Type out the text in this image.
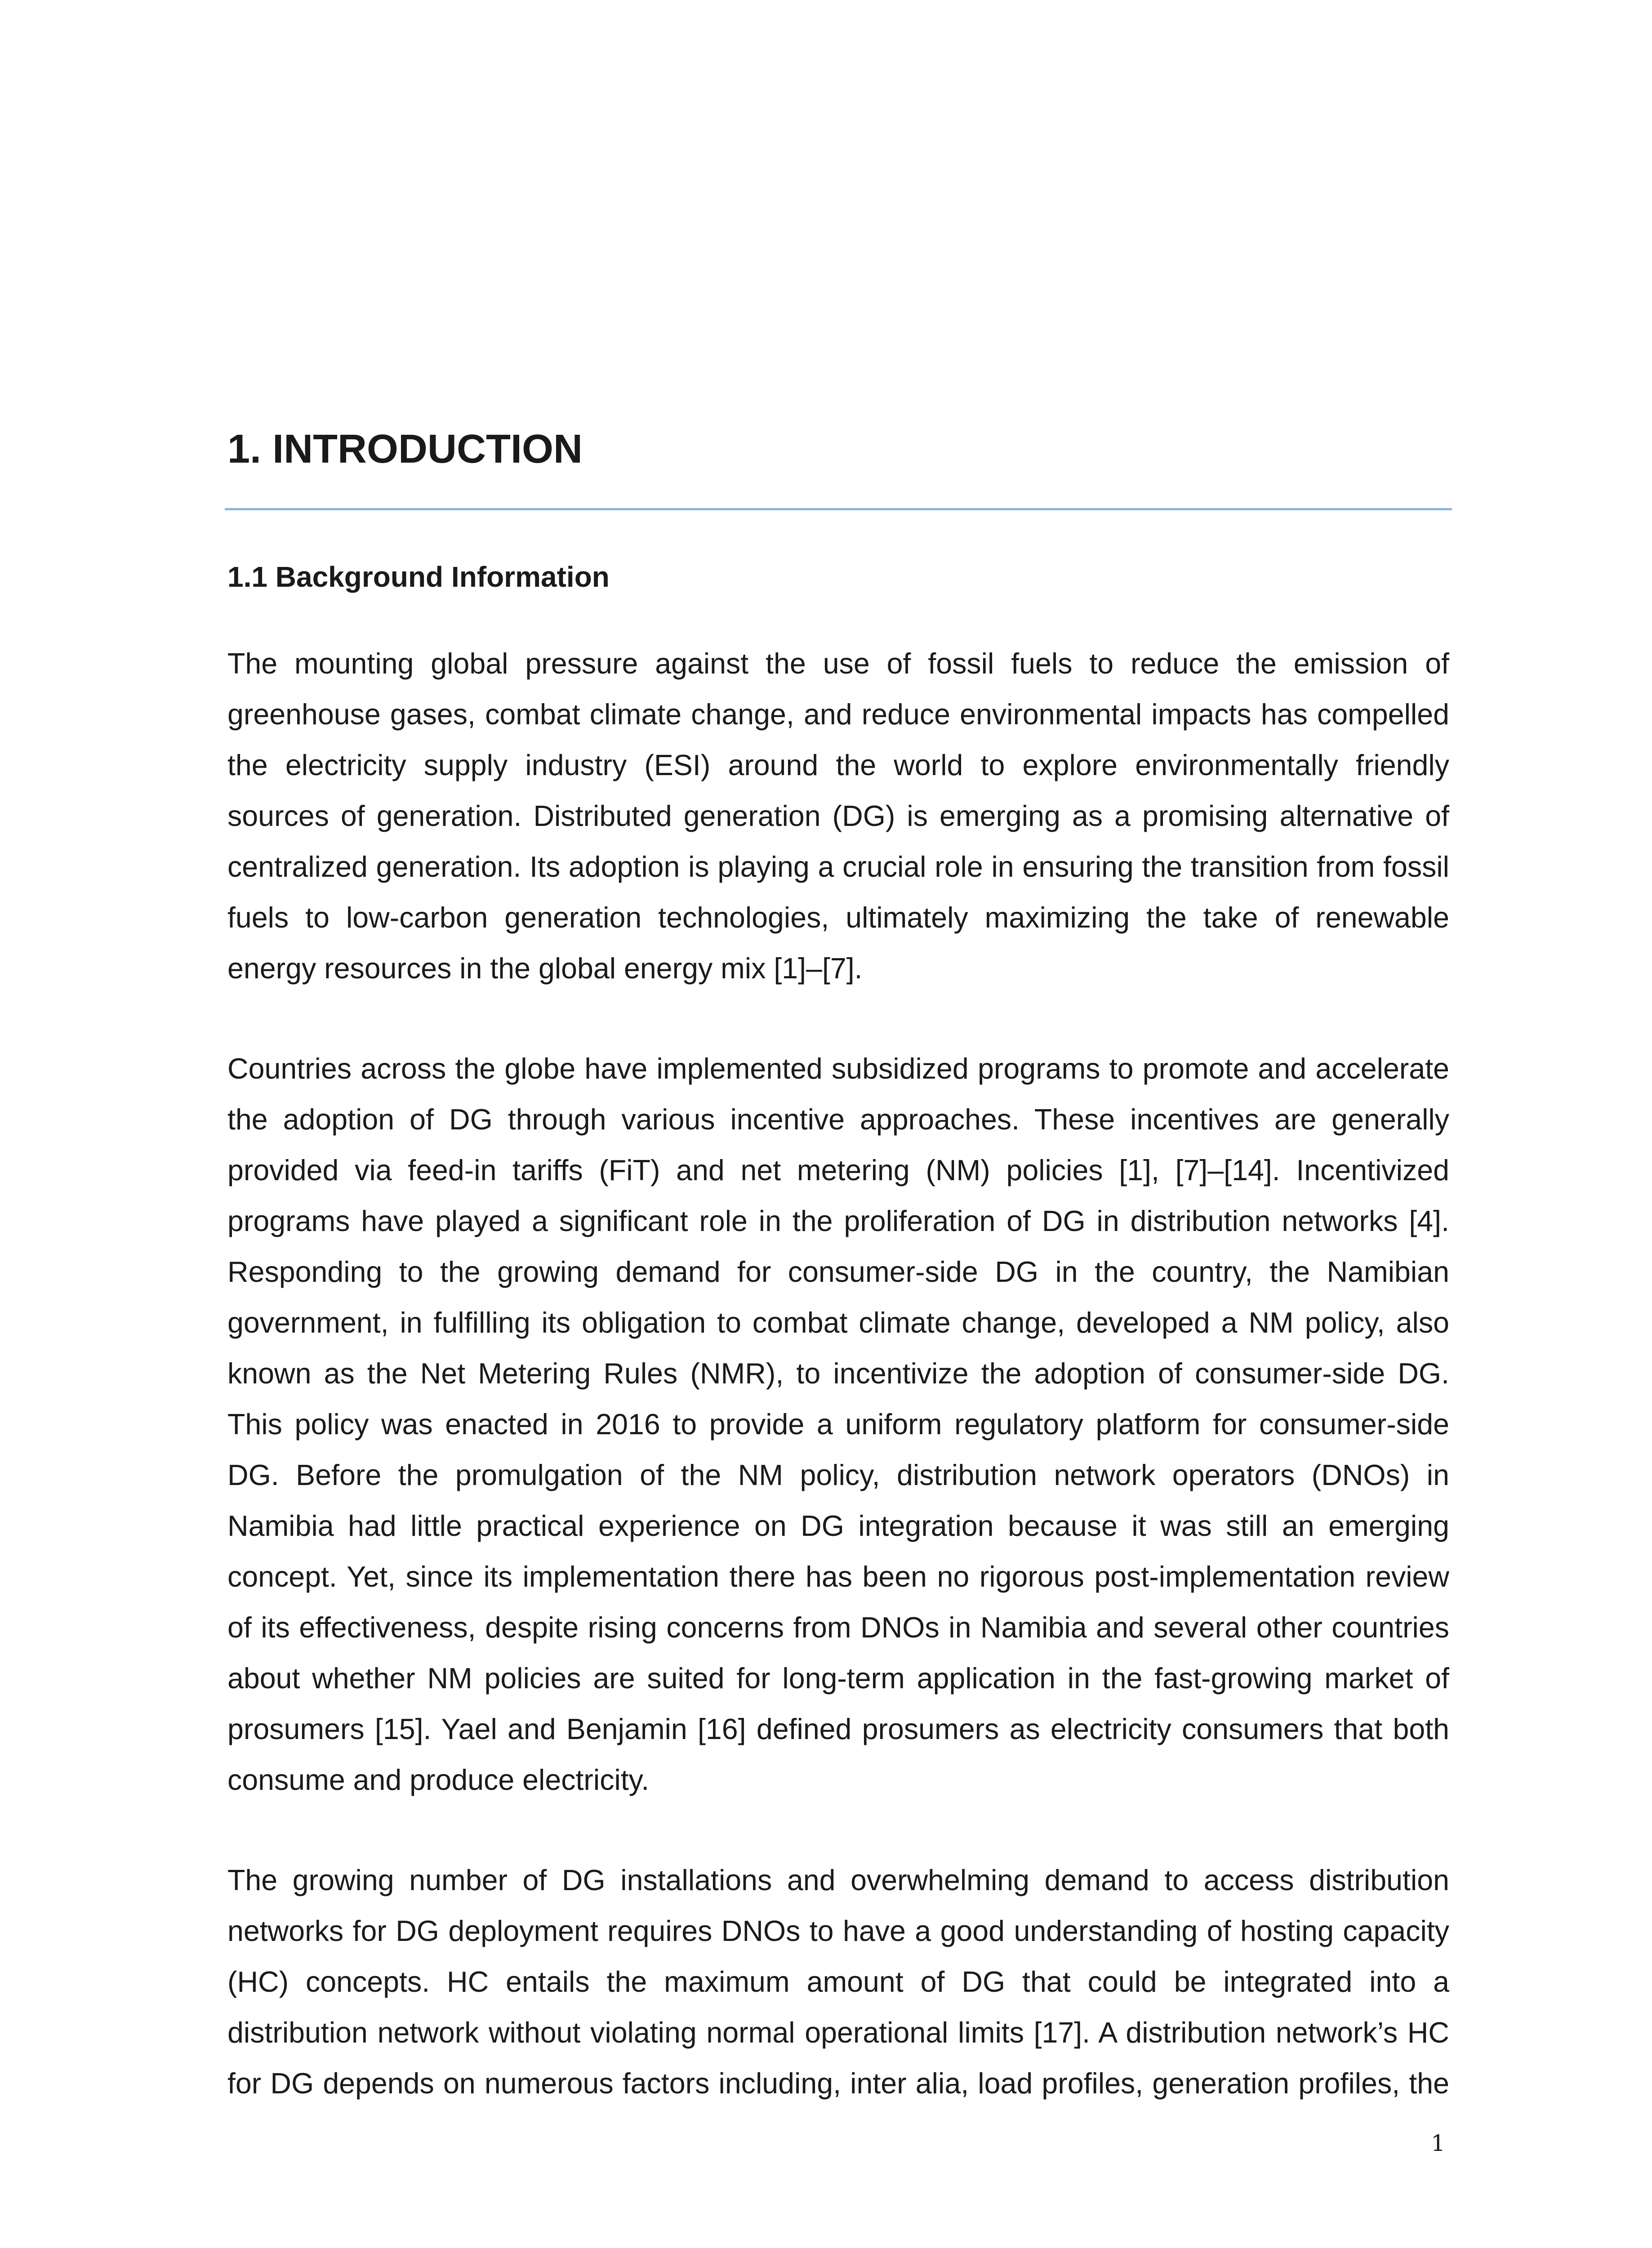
1. INTRODUCTION
1.1 Background Information

The mounting global pressure against the use of fossil fuels to reduce the emission of greenhouse gases, combat climate change, and reduce environmental impacts has compelled the electricity supply industry (ESI) around the world to explore environmentally friendly sources of generation. Distributed generation (DG) is emerging as a promising alternative of centralized generation. Its adoption is playing a crucial role in ensuring the transition from fossil fuels to low-carbon generation technologies, ultimately maximizing the take of renewable energy resources in the global energy mix [1]–[7].

Countries across the globe have implemented subsidized programs to promote and accelerate the adoption of DG through various incentive approaches. These incentives are generally provided via feed-in tariffs (FiT) and net metering (NM) policies [1], [7]–[14]. Incentivized programs have played a significant role in the proliferation of DG in distribution networks [4]. Responding to the growing demand for consumer-side DG in the country, the Namibian government, in fulfilling its obligation to combat climate change, developed a NM policy, also known as the Net Metering Rules (NMR), to incentivize the adoption of consumer-side DG. This policy was enacted in 2016 to provide a uniform regulatory platform for consumer-side DG. Before the promulgation of the NM policy, distribution network operators (DNOs) in Namibia had little practical experience on DG integration because it was still an emerging concept. Yet, since its implementation there has been no rigorous post-implementation review of its effectiveness, despite rising concerns from DNOs in Namibia and several other countries about whether NM policies are suited for long-term application in the fast-growing market of prosumers [15]. Yael and Benjamin [16] defined prosumers as electricity consumers that both consume and produce electricity.

The growing number of DG installations and overwhelming demand to access distribution networks for DG deployment requires DNOs to have a good understanding of hosting capacity (HC) concepts. HC entails the maximum amount of DG that could be integrated into a distribution network without violating normal operational limits [17]. A distribution network’s HC for DG depends on numerous factors including, inter alia, load profiles, generation profiles, the

1
